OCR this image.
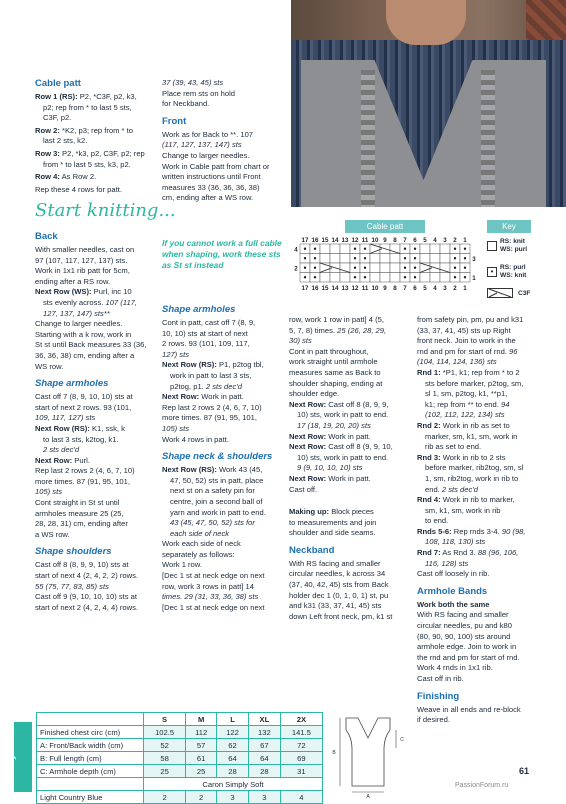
Cable patt

Row 1 (RS): P2, *C3F, p2, k3,
p2; rep from * to last 5 sts,
C3F, p2.

Row 2: *K2, p3; rep from * to
last 2 sts, k2.

Row 3: P2, *k3, p2, C3F, p2; rep
from * to last 5 sts, k3, p2.

Row 4: As Row 2.

Rep these 4 rows for patt.

Start knitting...
Back
With smaller needles, cast on
97 (107, 117, 127, 137) sts.
Work in 1x1 rib patt for 5cm,
ending after a RS row.
Next Row (WS): Purl, inc 10
sts evenly across. 107 (117,
127, 137, 147) sts**
Change to larger needles.
Starting with a k row, work in
St st until Back measures 33 (36,
36, 36, 38) cm, ending after a
WS row.
Shape armholes
Cast off 7 (8, 9, 10, 10) sts at
start of next 2 rows. 93 (101,
109, 117, 127) sts
Next Row (RS): K1, ssk, k
to last 3 sts, k2tog, k1.
2 sts dec'd
Next Row: Purl.
Rep last 2 rows 2 (4, 6, 7, 10)
more times. 87 (91, 95, 101,
105) sts
Cont straight in St st until
armholes measure 25 (25,
28, 28, 31) cm, ending after
a WS row.
Shape shoulders
Cast off 8 (8, 9, 9, 10) sts at
start of next 4 (2, 4, 2, 2) rows.
55 (75, 77, 83, 85) sts
Cast off 9 (9, 10, 10, 10) sts at
start of next 2 (4, 2, 4, 4) rows.
37 (39, 43, 45) sts
Place rem sts on hold
for Neckband.
Front
Work as for Back to **. 107
(117, 127, 137, 147) sts
Change to larger needles.
Work in Cable patt from chart or
written instructions until Front
measures 33 (36, 36, 36, 38)
cm, ending after a WS row.
If you cannot work a full cable when shaping, work these sts as St st instead
Shape armholes
Cont in patt, cast off 7 (8, 9,
10, 10) sts at start of next
2 rows. 93 (101, 109, 117,
127) sts
Next Row (RS): P1, p2tog tbl,
work in patt to last 3 sts,
p2tog, p1. 2 sts dec'd
Next Row: Work in patt.
Rep last 2 rows 2 (4, 6, 7, 10)
more times. 87 (91, 95, 101,
105) sts
Work 4 rows in patt.
Shape neck & shoulders
Next Row (RS): Work 43 (45,
47, 50, 52) sts in patt, place
next st on a safety pin for
centre, join a second ball of
yarn and work in patt to end.
43 (45, 47, 50, 52) sts for
each side of neck
Work each side of neck
separately as follows:
Work 1 row.
[Dec 1 st at neck edge on next
row, work 3 rows in patt] 14
times. 29 (31, 33, 36, 38) sts
[Dec 1 st at neck edge on next
Cable patt	Key
17 16 15 14 13 12 11 10 9 8 7 6 5 4 3 2 1
17 16 15 14 13 12 11 10 9 8 7 6 5 4 3 2 1
4
3
2
1
RS: knit
WS: purl
• RS: purl
WS: knit
C3F
row, work 1 row in patt] 4 (5,
5, 7, 8) times. 25 (26, 28, 29,
30) sts
Cont in patt throughout,
work straight until armhole
measures same as Back to
shoulder shaping, ending at
shoulder edge.
Next Row: Cast off 8 (8, 9, 9,
10) sts, work in patt to end.
17 (18, 19, 20, 20) sts
Next Row: Work in patt.
Next Row: Cast off 8 (9, 9, 10,
10) sts, work in patt to end.
9 (9, 10, 10, 10) sts
Next Row: Work in patt.
Cast off.
Making up: Block pieces
to measurements and join
shoulder and side seams.
Neckband
With RS facing and smaller
circular needles, k across 34
(37, 40, 42, 45) sts from Back
holder dec 1 (0, 1, 0, 1) st, pu
and k31 (33, 37, 41, 45) sts
down Left front neck, pm, k1 st
from safety pin, pm, pu and k31
(33, 37, 41, 45) sts up Right
front neck. Join to work in the
rnd and pm for start of rnd. 96
(104, 114, 124, 136) sts
Rnd 1: *P1, k1; rep from * to 2
sts before marker, p2tog, sm,
sl 1, sm, p2tog, k1, **p1,
k1; rep from ** to end. 94
(102, 112, 122, 134) sts
Rnd 2: Work in rib as set to
marker, sm, k1, sm, work in
rib as set to end.
Rnd 3: Work in rib to 2 sts
before marker, rib2tog, sm, sl
1, sm, rib2tog, work in rib to
end. 2 sts dec'd
Rnd 4: Work in rib to marker,
sm, k1, sm, work in rib
to end.
Rnds 5-6: Rep rnds 3-4. 90 (98,
108, 118, 130) sts
Rnd 7: As Rnd 3. 88 (96, 106,
116, 128) sts
Cast off loosely in rib.
Armhole Bands
Work both the same
With RS facing and smaller
circular needles, pu and k80
(80, 90, 90, 100) sts around
armhole edge. Join to work in
the rnd and pm for start of rnd.
Work 4 rnds in 1x1 rib.
Cast off in rib.
Finishing
Weave in all ends and re-block
if desired.
Find your size
	S	M	L	XL	2X
Finished chest circ (cm)	102.5	112	122	132	141.5
A: Front/Back width (cm)	52	57	62	67	72
B: Full length (cm)	58	61	64	64	69
C: Armhole depth (cm)	25	25	28	28	31
	Caron Simply Soft				
Light Country Blue	2	2	3	3	4	A
B
C
61
PassionForum.ru
